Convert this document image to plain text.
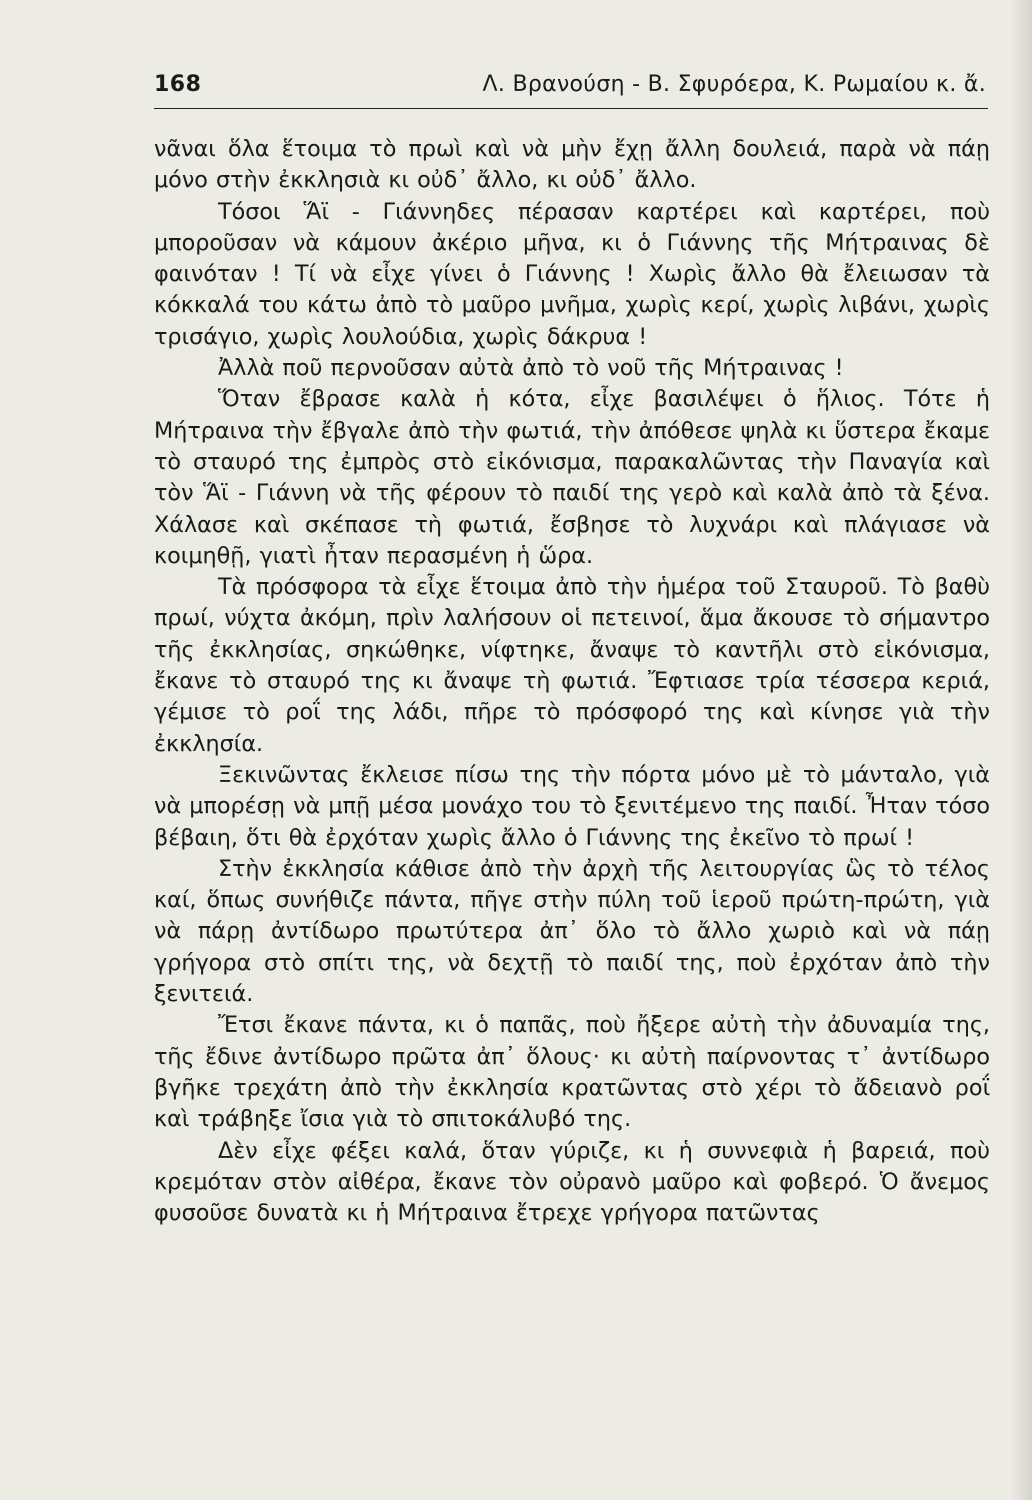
168	Λ. Βρανούση - Β. Σφυρόερα, Κ. Ρωμαίου κ. ἄ.

νᾶναι ὅλα ἕτοιμα τὸ πρωὶ καὶ νὰ μὴν ἔχῃ ἄλλη δουλειά, παρὰ νὰ πάῃ μόνο στὴν ἐκκλησιὰ κι οὐδ᾽ ἄλλο, κι οὐδ᾽ ἄλλο.

Τόσοι Ἅϊ - Γιάννηδες πέρασαν καρτέρει καὶ καρτέρει, ποὺ μποροῦσαν νὰ κάμουν ἀκέριο μῆνα, κι ὁ Γιάννης τῆς Μήτραινας δὲ φαινόταν ! Τί νὰ εἶχε γίνει ὁ Γιάννης ! Χωρὶς ἄλλο θὰ ἔλειωσαν τὰ κόκκαλά του κάτω ἀπὸ τὸ μαῦρο μνῆμα, χωρὶς κερί, χωρὶς λιβάνι, χωρὶς τρισάγιο, χωρὶς λουλούδια, χωρὶς δάκρυα !

Ἀλλὰ ποῦ περνοῦσαν αὐτὰ ἀπὸ τὸ νοῦ τῆς Μήτραινας !

Ὅταν ἔβρασε καλὰ ἡ κότα, εἶχε βασιλέψει ὁ ἥλιος. Τότε ἡ Μήτραινα τὴν ἔβγαλε ἀπὸ τὴν φωτιά, τὴν ἀπόθεσε ψηλὰ κι ὕστερα ἔκαμε τὸ σταυρό της ἐμπρὸς στὸ εἰκόνισμα, παρακαλῶντας τὴν Παναγία καὶ τὸν Ἅϊ - Γιάννη νὰ τῆς φέρουν τὸ παιδί της γερὸ καὶ καλὰ ἀπὸ τὰ ξένα. Χάλασε καὶ σκέπασε τὴ φωτιά, ἔσβησε τὸ λυχνάρι καὶ πλάγιασε νὰ κοιμηθῇ, γιατὶ ἦταν περασμένη ἡ ὥρα.

Τὰ πρόσφορα τὰ εἶχε ἕτοιμα ἀπὸ τὴν ἡμέρα τοῦ Σταυροῦ. Τὸ βαθὺ πρωί, νύχτα ἀκόμη, πρὶν λαλήσουν οἱ πετεινοί, ἅμα ἄκουσε τὸ σήμαντρο τῆς ἐκκλησίας, σηκώθηκε, νίφτηκε, ἄναψε τὸ καντῆλι στὸ εἰκόνισμα, ἔκανε τὸ σταυρό της κι ἄναψε τὴ φωτιά. Ἔφτιασε τρία τέσσερα κεριά, γέμισε τὸ ροΐ της λάδι, πῆρε τὸ πρόσφορό της καὶ κίνησε γιὰ τὴν ἐκκλησία.

Ξεκινῶντας ἔκλεισε πίσω της τὴν πόρτα μόνο μὲ τὸ μάνταλο, γιὰ νὰ μπορέσῃ νὰ μπῇ μέσα μονάχο του τὸ ξενιτέμενο της παιδί. Ἦταν τόσο βέβαιη, ὅτι θὰ ἐρχόταν χωρὶς ἄλλο ὁ Γιάννης της ἐκεῖνο τὸ πρωί !

Στὴν ἐκκλησία κάθισε ἀπὸ τὴν ἀρχὴ τῆς λειτουργίας ὣς τὸ τέλος καί, ὅπως συνήθιζε πάντα, πῆγε στὴν πύλη τοῦ ἱεροῦ πρώτη-πρώτη, γιὰ νὰ πάρῃ ἀντίδωρο πρωτύτερα ἀπ᾽ ὅλο τὸ ἄλλο χωριὸ καὶ νὰ πάῃ γρήγορα στὸ σπίτι της, νὰ δεχτῇ τὸ παιδί της, ποὺ ἐρχόταν ἀπὸ τὴν ξενιτειά.

Ἔτσι ἔκανε πάντα, κι ὁ παπᾶς, ποὺ ἤξερε αὐτὴ τὴν ἀδυναμία της, τῆς ἔδινε ἀντίδωρο πρῶτα ἀπ᾽ ὅλους· κι αὐτὴ παίρνοντας τ᾽ ἀντίδωρο βγῆκε τρεχάτη ἀπὸ τὴν ἐκκλησία κρατῶντας στὸ χέρι τὸ ἄδειανὸ ροΐ καὶ τράβηξε ἴσια γιὰ τὸ σπιτοκάλυβό της.

Δὲν εἶχε φέξει καλά, ὅταν γύριζε, κι ἡ συννεφιὰ ἡ βαρειά, ποὺ κρεμόταν στὸν αἰθέρα, ἔκανε τὸν οὐρανὸ μαῦρο καὶ φοβερό. Ὁ ἄνεμος φυσοῦσε δυνατὰ κι ἡ Μήτραινα ἔτρεχε γρήγορα πατῶντας
